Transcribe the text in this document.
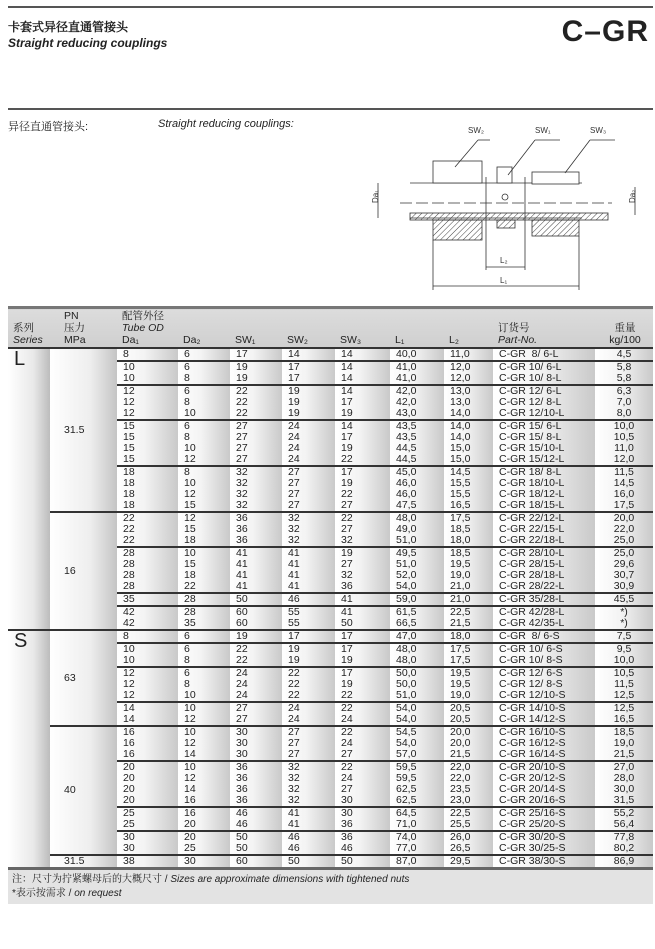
卡套式异径直通管接头
Straight reducing couplings	C–GR
异径直通管接头:	Straight reducing couplings:
SW₂	SW₁	SW₃
Da₁	Da₂
L₂
L₁

系列
Series	PN
压力
MPa	配管外径
Tube OD
Da₁	Da₂	SW₁	SW₂	SW₃	L₁	L₂	订货号
Part-No.	重量
kg/100
L	31.5	8	6	17	14	14	40,0	11,0	C-GR  8/ 6-L	4,5
		10	6	19	17	14	41,0	12,0	C-GR 10/ 6-L	5,8
		10	8	19	17	14	41,0	12,0	C-GR 10/ 8-L	5,8
		12	6	22	19	14	42,0	13,0	C-GR 12/ 6-L	6,3
		12	8	22	19	17	42,0	13,0	C-GR 12/ 8-L	7,0
		12	10	22	19	19	43,0	14,0	C-GR 12/10-L	8,0
		15	6	27	24	14	43,5	14,0	C-GR 15/ 6-L	10,0
		15	8	27	24	17	43,5	14,0	C-GR 15/ 8-L	10,5
		15	10	27	24	19	44,5	15,0	C-GR 15/10-L	11,0
		15	12	27	24	22	44,5	15,0	C-GR 15/12-L	12,0
		18	8	32	27	17	45,0	14,5	C-GR 18/ 8-L	11,5
		18	10	32	27	19	46,0	15,5	C-GR 18/10-L	14,5
		18	12	32	27	22	46,0	15,5	C-GR 18/12-L	16,0
		18	15	32	27	27	47,5	16,5	C-GR 18/15-L	17,5
	16	22	12	36	32	22	48,0	17,5	C-GR 22/12-L	20,0
		22	15	36	32	27	49,0	18,5	C-GR 22/15-L	22,0
		22	18	36	32	32	51,0	18,0	C-GR 22/18-L	25,0
		28	10	41	41	19	49,5	18,5	C-GR 28/10-L	25,0
		28	15	41	41	27	51,0	19,5	C-GR 28/15-L	29,6
		28	18	41	41	32	52,0	19,0	C-GR 28/18-L	30,7
		28	22	41	41	36	54,0	21,0	C-GR 28/22-L	30,9
		35	28	50	46	41	59,0	21,0	C-GR 35/28-L	45,5
		42	28	60	55	41	61,5	22,5	C-GR 42/28-L	*)
		42	35	60	55	50	66,5	21,5	C-GR 42/35-L	*)
S	63	8	6	19	17	17	47,0	18,0	C-GR  8/ 6-S	7,5
		10	6	22	19	17	48,0	17,5	C-GR 10/ 6-S	9,5
		10	8	22	19	19	48,0	17,5	C-GR 10/ 8-S	10,0
		12	6	24	22	17	50,0	19,5	C-GR 12/ 6-S	10,5
		12	8	24	22	19	50,0	19,5	C-GR 12/ 8-S	11,5
		12	10	24	22	22	51,0	19,0	C-GR 12/10-S	12,5
		14	10	27	24	22	54,0	20,5	C-GR 14/10-S	12,5
		14	12	27	24	24	54,0	20,5	C-GR 14/12-S	16,5
	40	16	10	30	27	22	54,5	20,0	C-GR 16/10-S	18,5
		16	12	30	27	24	54,0	20,0	C-GR 16/12-S	19,0
		16	14	30	27	27	57,0	21,5	C-GR 16/14-S	21,5
		20	10	36	32	22	59,5	22,0	C-GR 20/10-S	27,0
		20	12	36	32	24	59,5	22,0	C-GR 20/12-S	28,0
		20	14	36	32	27	62,5	23,5	C-GR 20/14-S	30,0
		20	16	36	32	30	62,5	23,0	C-GR 20/16-S	31,5
		25	16	46	41	30	64,5	22,5	C-GR 25/16-S	55,2
		25	20	46	41	36	71,0	25,5	C-GR 25/20-S	56,4
		30	20	50	46	36	74,0	26,0	C-GR 30/20-S	77,8
		30	25	50	46	46	77,0	26,5	C-GR 30/25-S	80,2
	31.5	38	30	60	50	50	87,0	29,5	C-GR 38/30-S	86,9
注：尺寸为拧紧螺母后的大概尺寸 / Sizes are approximate dimensions with tightened nuts
*表示按需求 / on request
